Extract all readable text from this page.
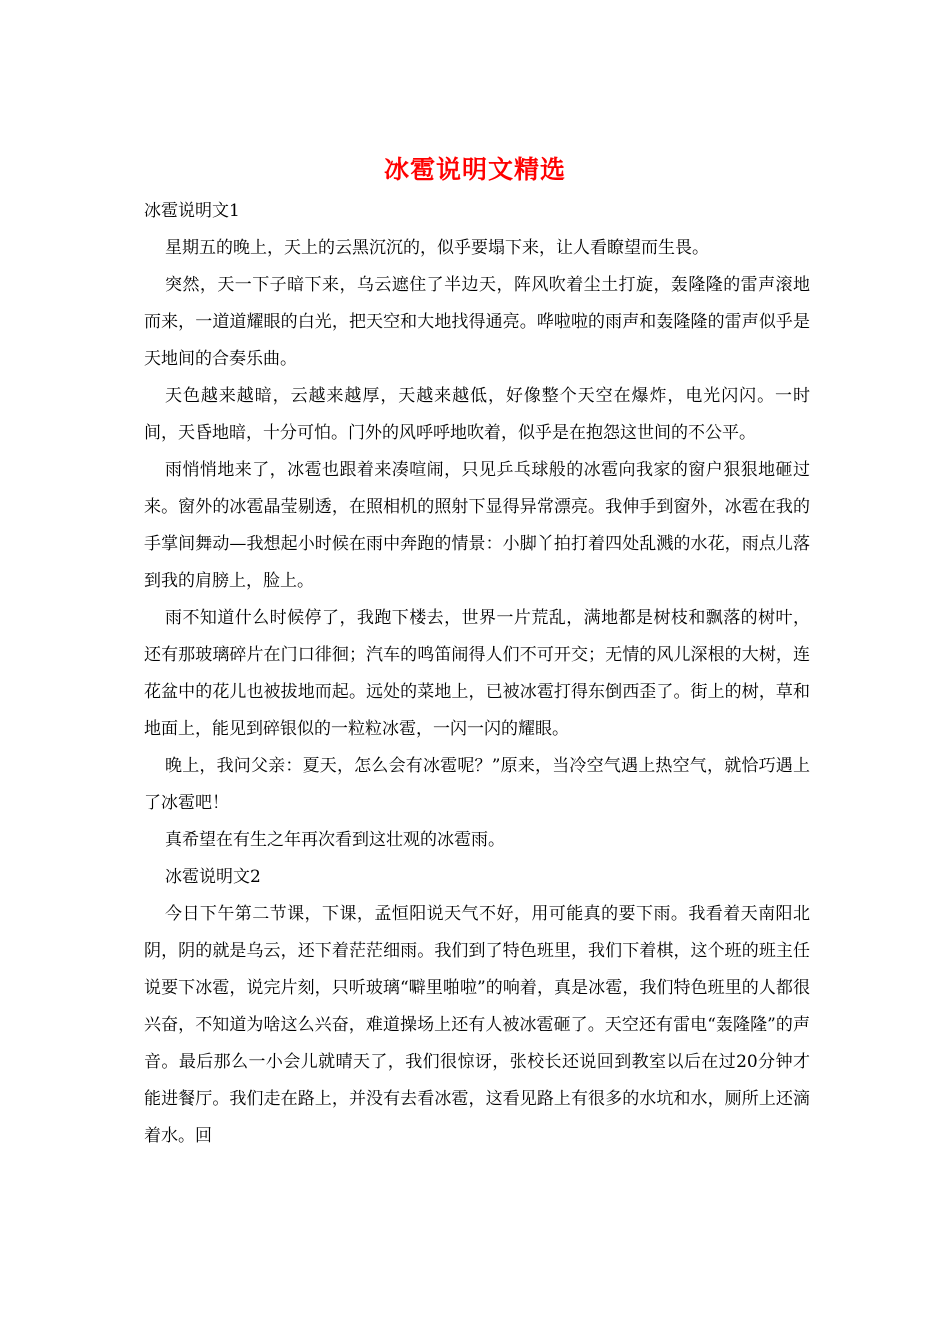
冰雹说明文精选

冰雹说明文1

星期五的晚上，天上的云黑沉沉的，似乎要塌下来，让人看瞭望而生畏。

突然，天一下子暗下来，乌云遮住了半边天，阵风吹着尘土打旋，轰隆隆的雷声滚地而来，一道道耀眼的白光，把天空和大地找得通亮。哗啦啦的雨声和轰隆隆的雷声似乎是天地间的合奏乐曲。

天色越来越暗，云越来越厚，天越来越低，好像整个天空在爆炸，电光闪闪。一时间，天昏地暗，十分可怕。门外的风呼呼地吹着，似乎是在抱怨这世间的不公平。

雨悄悄地来了，冰雹也跟着来凑喧闹，只见乒乓球般的冰雹向我家的窗户狠狠地砸过来。窗外的冰雹晶莹剔透，在照相机的照射下显得异常漂亮。我伸手到窗外，冰雹在我的手掌间舞动—我想起小时候在雨中奔跑的情景：小脚丫拍打着四处乱溅的水花，雨点儿落到我的肩膀上，脸上。

雨不知道什么时候停了，我跑下楼去，世界一片荒乱，满地都是树枝和飘落的树叶，还有那玻璃碎片在门口徘徊；汽车的鸣笛闹得人们不可开交；无情的风儿深根的大树，连花盆中的花儿也被拔地而起。远处的菜地上，已被冰雹打得东倒西歪了。街上的树，草和地面上，能见到碎银似的一粒粒冰雹，一闪一闪的耀眼。

晚上，我问父亲：夏天，怎么会有冰雹呢？”原来，当冷空气遇上热空气，就恰巧遇上了冰雹吧！

真希望在有生之年再次看到这壮观的冰雹雨。

冰雹说明文2

今日下午第二节课，下课，孟恒阳说天气不好，用可能真的要下雨。我看着天南阳北阴，阴的就是乌云，还下着茫茫细雨。我们到了特色班里，我们下着棋，这个班的班主任说要下冰雹，说完片刻，只听玻璃“噼里啪啦”的响着，真是冰雹，我们特色班里的人都很兴奋，不知道为啥这么兴奋，难道操场上还有人被冰雹砸了。天空还有雷电“轰隆隆”的声音。最后那么一小会儿就晴天了，我们很惊讶，张校长还说回到教室以后在过20分钟才能进餐厅。我们走在路上，并没有去看冰雹，这看见路上有很多的水坑和水，厕所上还滴着水。回
